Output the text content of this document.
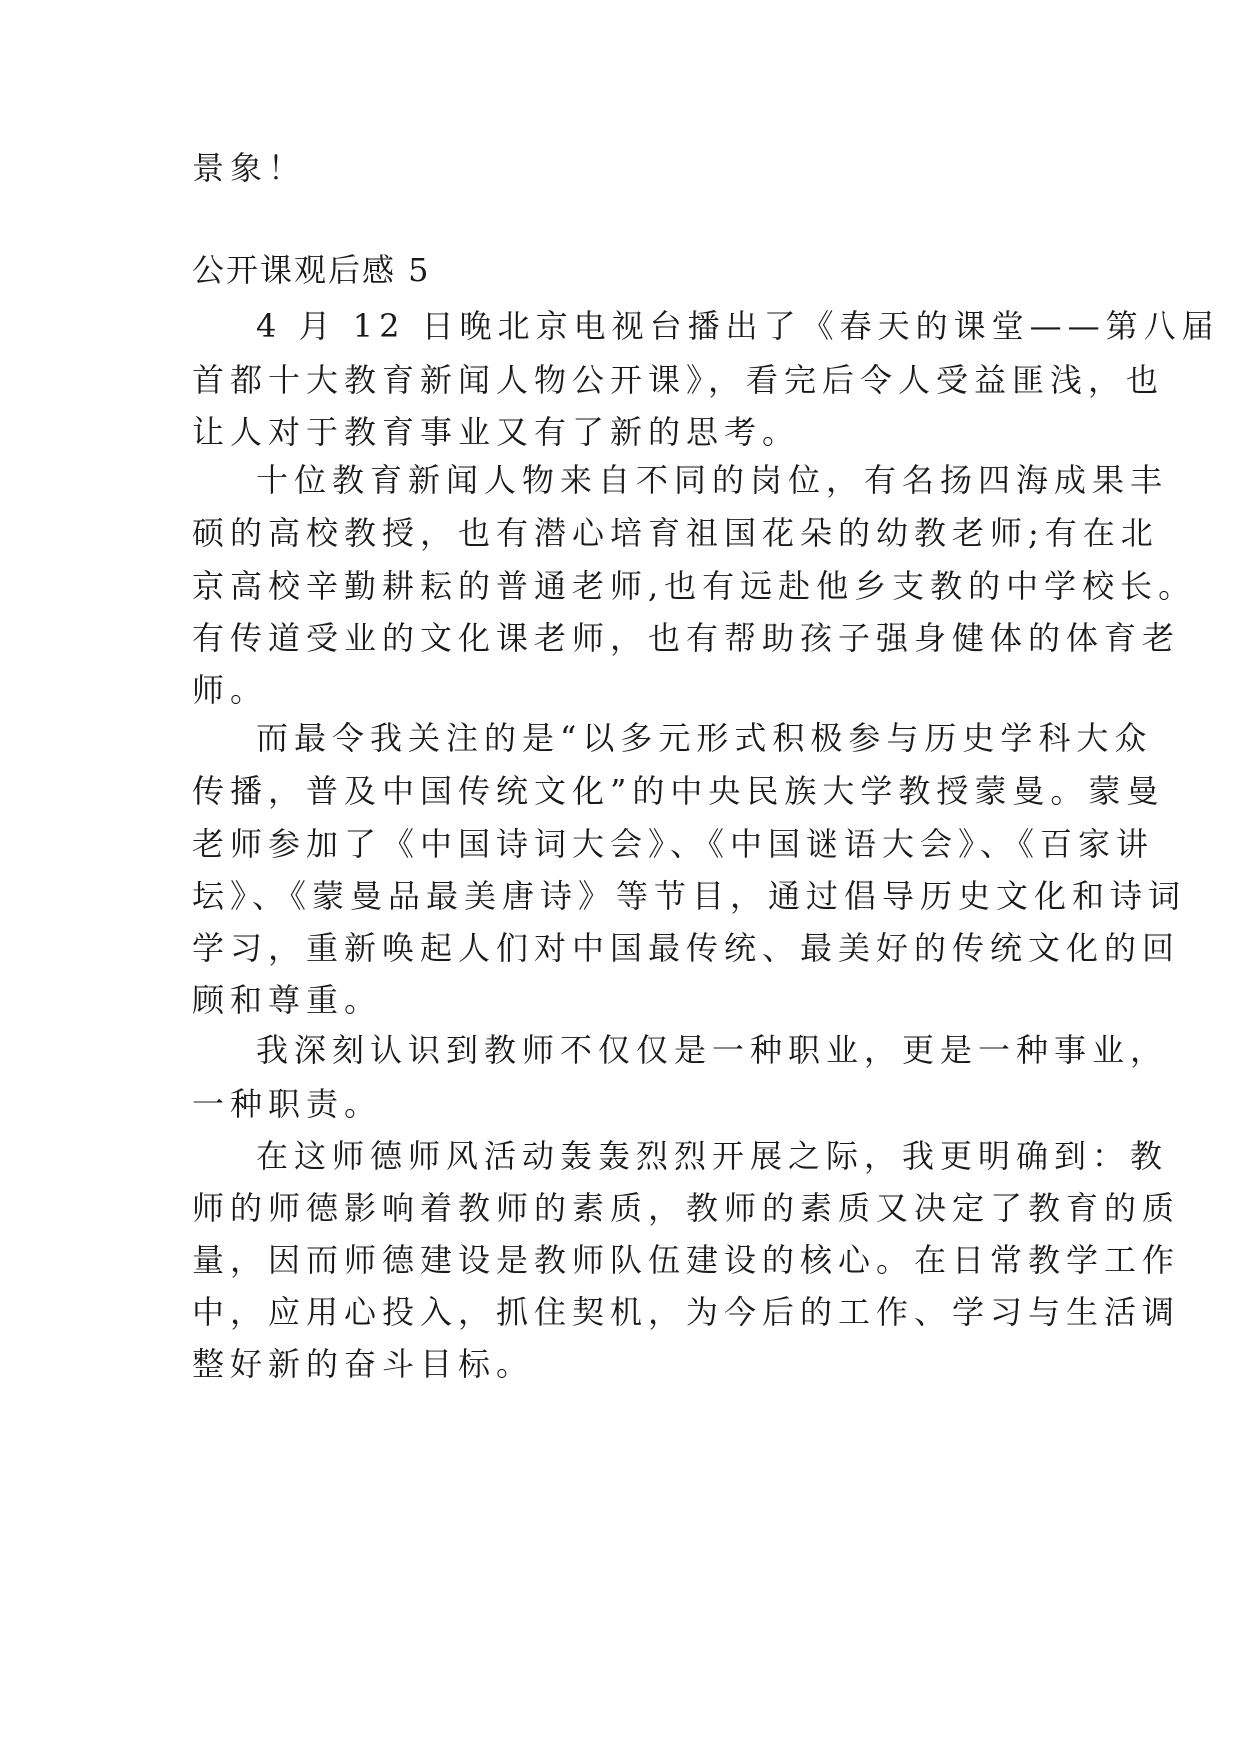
景象！
公开课观后感 5
4 月 12 日晚北京电视台播出了《春天的课堂——第八届
首都十大教育新闻人物公开课》，看完后令人受益匪浅，也
让人对于教育事业又有了新的思考。
十位教育新闻人物来自不同的岗位，有名扬四海成果丰
硕的高校教授，也有潜心培育祖国花朵的幼教老师;有在北
京高校辛勤耕耘的普通老师,也有远赴他乡支教的中学校长。
有传道受业的文化课老师，也有帮助孩子强身健体的体育老
师。
而最令我关注的是“以多元形式积极参与历史学科大众
传播，普及中国传统文化”的中央民族大学教授蒙曼。蒙曼
老师参加了《中国诗词大会》、《中国谜语大会》、《百家讲
坛》、《蒙曼品最美唐诗》等节目，通过倡导历史文化和诗词
学习，重新唤起人们对中国最传统、最美好的传统文化的回
顾和尊重。
我深刻认识到教师不仅仅是一种职业，更是一种事业，
一种职责。
在这师德师风活动轰轰烈烈开展之际，我更明确到：教
师的师德影响着教师的素质，教师的素质又决定了教育的质
量，因而师德建设是教师队伍建设的核心。在日常教学工作
中，应用心投入，抓住契机，为今后的工作、学习与生活调
整好新的奋斗目标。
